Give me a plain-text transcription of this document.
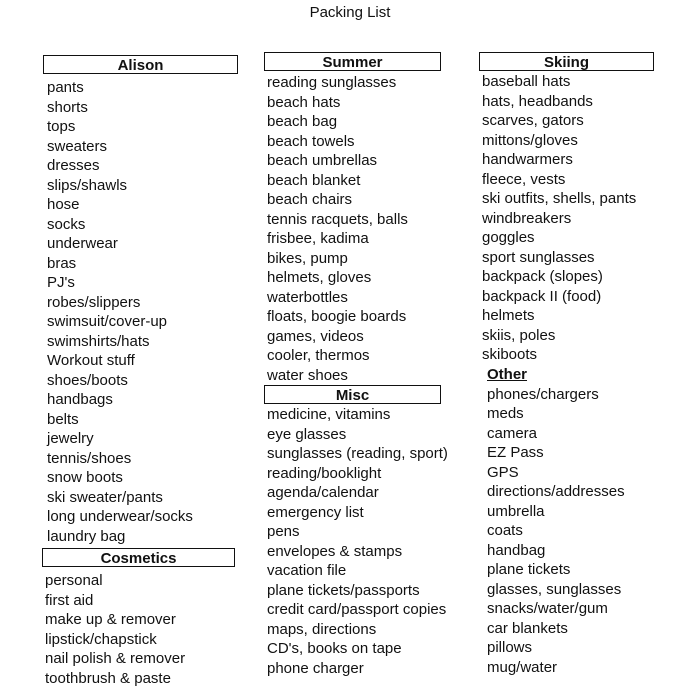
Packing List
Alison
pants
shorts
tops
sweaters
dresses
slips/shawls
hose
socks
underwear
bras
PJ's
robes/slippers
swimsuit/cover-up
swimshirts/hats
Workout stuff
shoes/boots
handbags
belts
jewelry
tennis/shoes
snow boots
ski sweater/pants
long underwear/socks
laundry bag
Cosmetics
personal
first aid
make up & remover
lipstick/chapstick
nail polish & remover
toothbrush & paste
Summer
reading sunglasses
beach hats
beach bag
beach towels
beach umbrellas
beach blanket
beach chairs
tennis racquets, balls
frisbee, kadima
bikes, pump
helmets, gloves
waterbottles
floats, boogie boards
games, videos
cooler, thermos
water shoes
Misc
medicine, vitamins
eye glasses
sunglasses (reading, sport)
reading/booklight
agenda/calendar
emergency list
pens
envelopes & stamps
vacation file
plane tickets/passports
credit card/passport copies
maps, directions
CD's, books on tape
phone charger
Skiing
baseball hats
hats, headbands
scarves, gators
mittons/gloves
handwarmers
fleece, vests
ski outfits, shells, pants
windbreakers
goggles
sport sunglasses
backpack (slopes)
backpack II (food)
helmets
skiis, poles
skiboots
Other
phones/chargers
meds
camera
EZ Pass
GPS
directions/addresses
umbrella
coats
handbag
plane tickets
glasses, sunglasses
snacks/water/gum
car blankets
pillows
mug/water
